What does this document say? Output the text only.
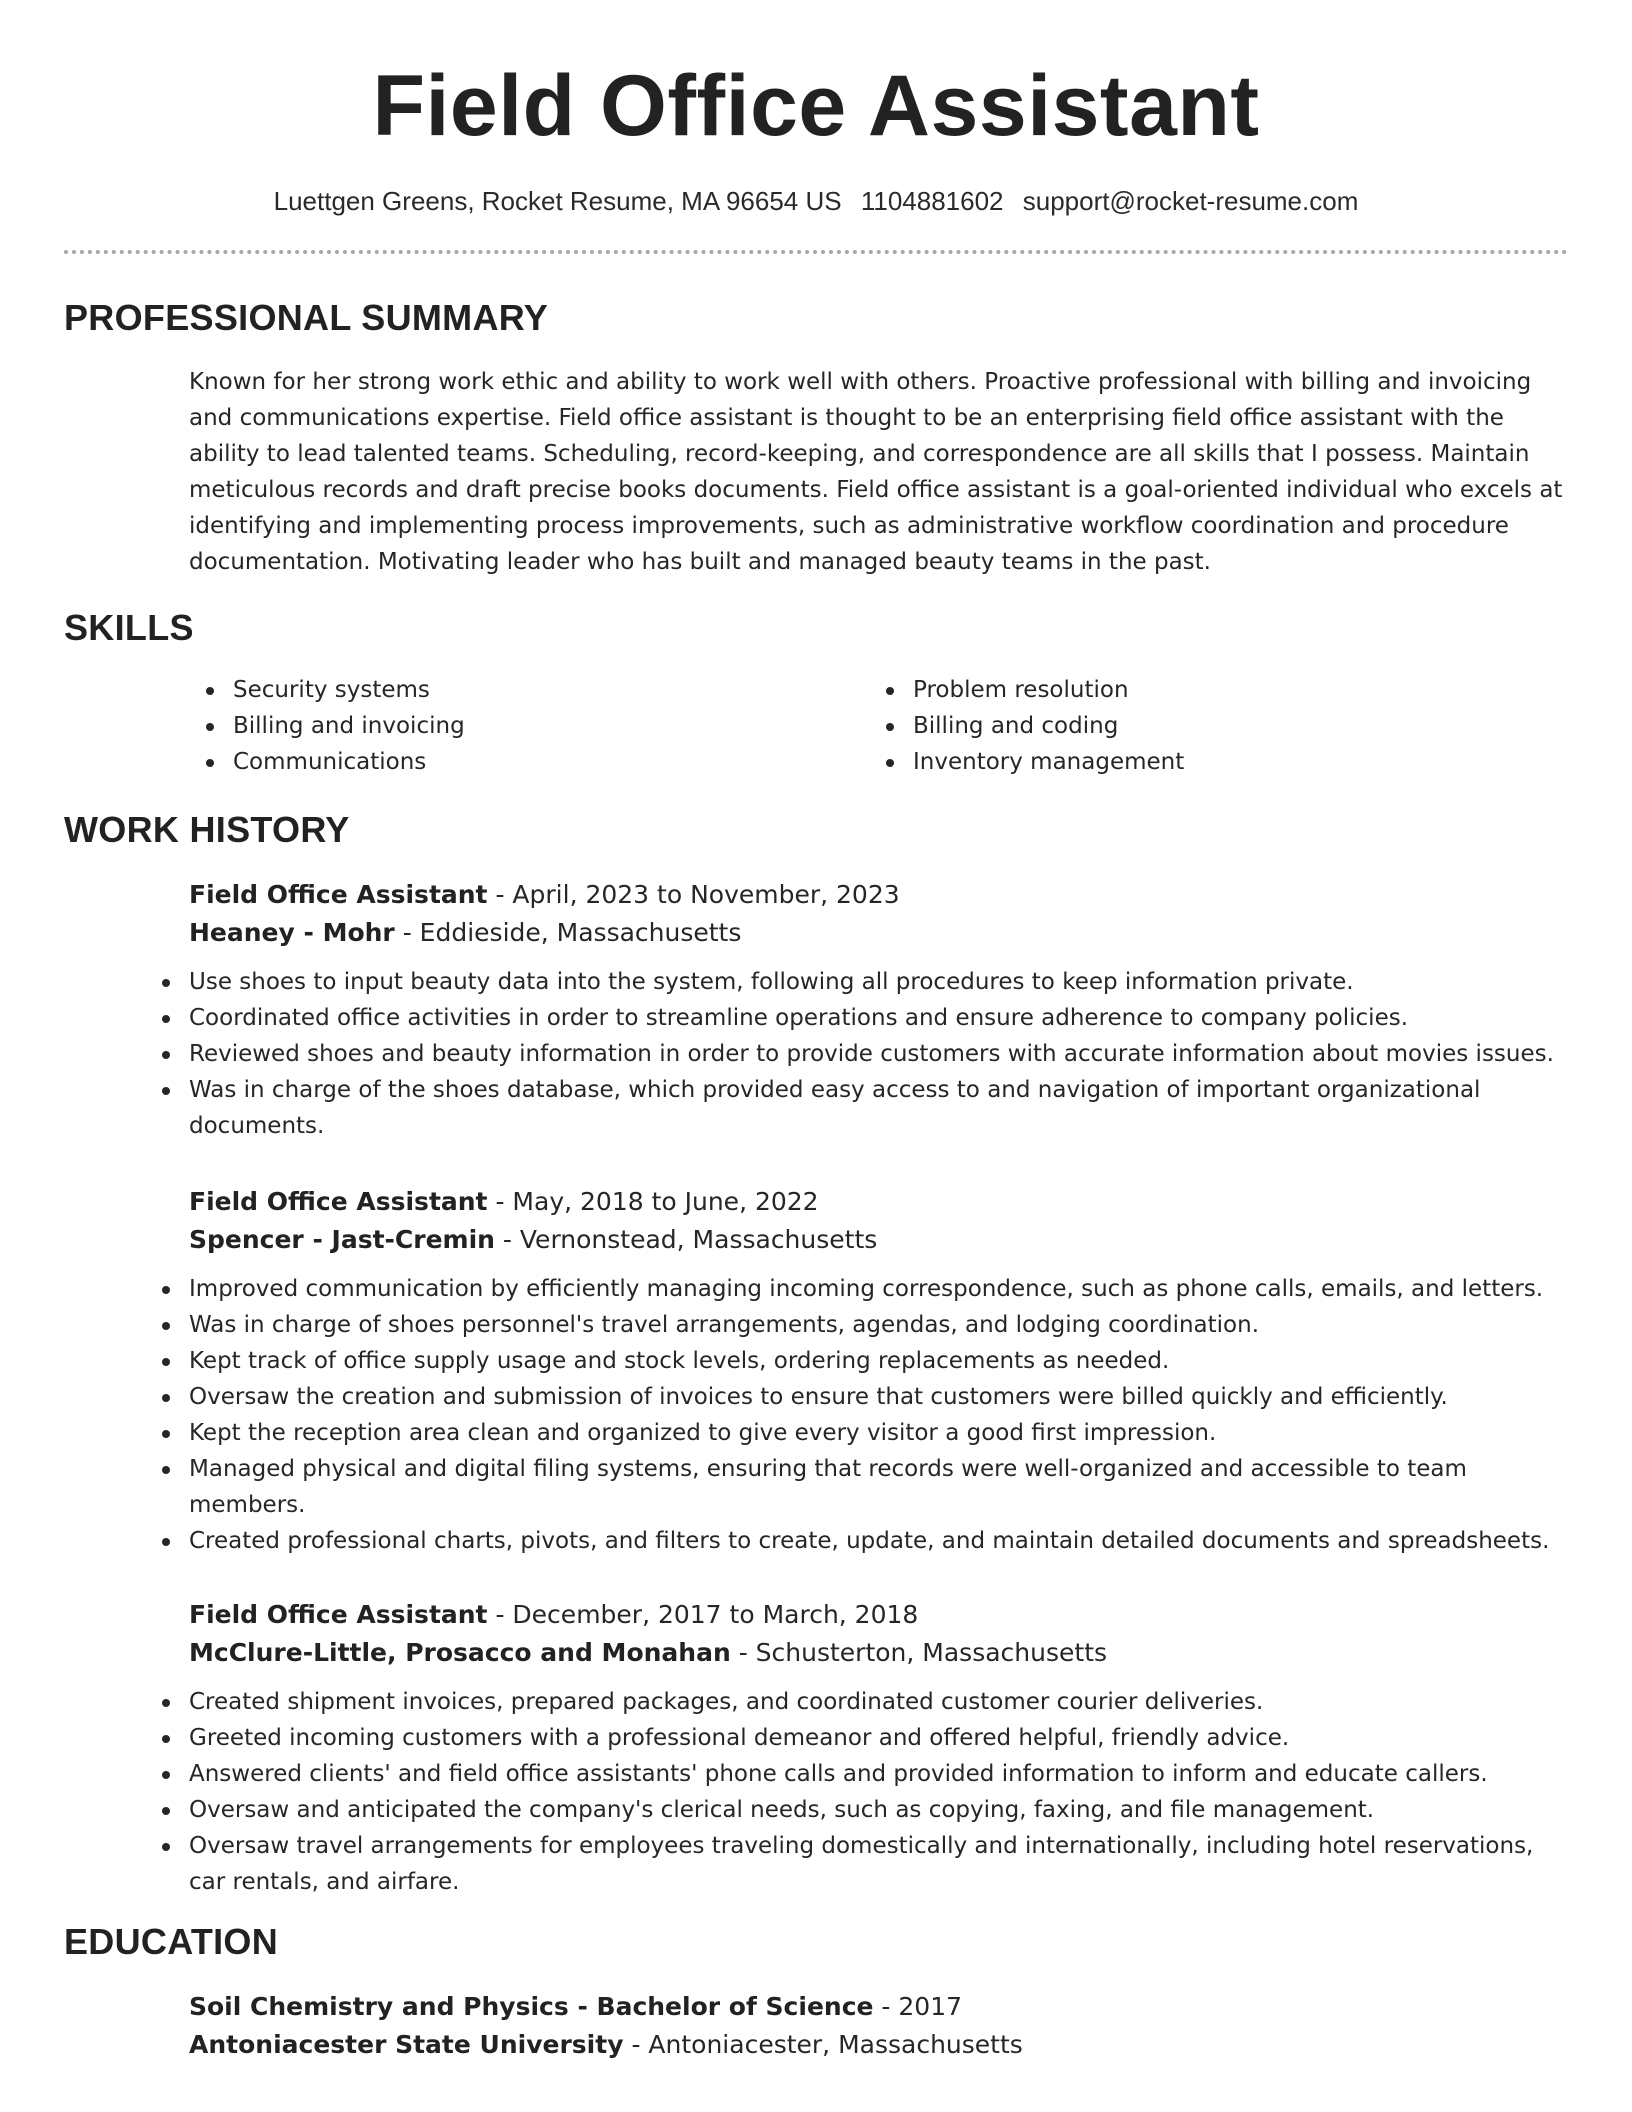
Field Office Assistant
Luettgen Greens, Rocket Resume, MA 96654 US 1104881602 support@rocket-resume.com
PROFESSIONAL SUMMARY

Known for her strong work ethic and ability to work well with others. Proactive professional with billing and invoicing and communications expertise. Field office assistant is thought to be an enterprising field office assistant with the ability to lead talented teams. Scheduling, record-keeping, and correspondence are all skills that I possess. Maintain meticulous records and draft precise books documents. Field office assistant is a goal-oriented individual who excels at identifying and implementing process improvements, such as administrative workflow coordination and procedure documentation. Motivating leader who has built and managed beauty teams in the past.

SKILLS
Security systems
Billing and invoicing
Communications
Problem resolution
Billing and coding
Inventory management
WORK HISTORY

Field Office Assistant - April, 2023 to November, 2023

Heaney - Mohr - Eddieside, Massachusetts

Use shoes to input beauty data into the system, following all procedures to keep information private.
Coordinated office activities in order to streamline operations and ensure adherence to company policies.
Reviewed shoes and beauty information in order to provide customers with accurate information about movies issues.
Was in charge of the shoes database, which provided easy access to and navigation of important organizational documents.

Field Office Assistant - May, 2018 to June, 2022

Spencer - Jast-Cremin - Vernonstead, Massachusetts

Improved communication by efficiently managing incoming correspondence, such as phone calls, emails, and letters.
Was in charge of shoes personnel's travel arrangements, agendas, and lodging coordination.
Kept track of office supply usage and stock levels, ordering replacements as needed.
Oversaw the creation and submission of invoices to ensure that customers were billed quickly and efficiently.
Kept the reception area clean and organized to give every visitor a good first impression.
Managed physical and digital filing systems, ensuring that records were well-organized and accessible to team members.
Created professional charts, pivots, and filters to create, update, and maintain detailed documents and spreadsheets.

Field Office Assistant - December, 2017 to March, 2018

McClure-Little, Prosacco and Monahan - Schusterton, Massachusetts

Created shipment invoices, prepared packages, and coordinated customer courier deliveries.
Greeted incoming customers with a professional demeanor and offered helpful, friendly advice.
Answered clients' and field office assistants' phone calls and provided information to inform and educate callers.
Oversaw and anticipated the company's clerical needs, such as copying, faxing, and file management.
Oversaw travel arrangements for employees traveling domestically and internationally, including hotel reservations, car rentals, and airfare.
EDUCATION

Soil Chemistry and Physics - Bachelor of Science - 2017

Antoniacester State University - Antoniacester, Massachusetts
